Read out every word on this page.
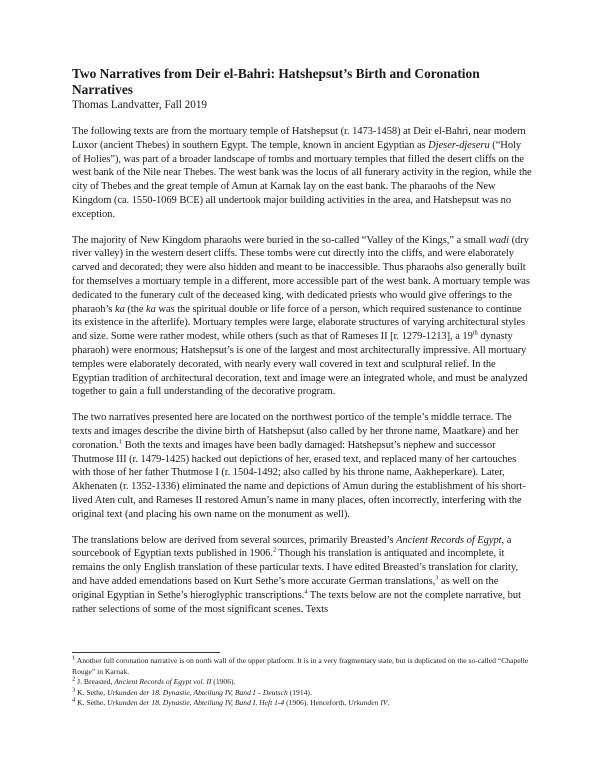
Two Narratives from Deir el-Bahri: Hatshepsut’s Birth and Coronation Narratives

Thomas Landvatter, Fall 2019

The following texts are from the mortuary temple of Hatshepsut (r. 1473-1458) at Deir el-Bahri, near modern Luxor (ancient Thebes) in southern Egypt. The temple, known in ancient Egyptian as Djeser-djeseru (“Holy of Holies”), was part of a broader landscape of tombs and mortuary temples that filled the desert cliffs on the west bank of the Nile near Thebes. The west bank was the locus of all funerary activity in the region, while the city of Thebes and the great temple of Amun at Karnak lay on the east bank. The pharaohs of the New Kingdom (ca. 1550-1069 BCE) all undertook major building activities in the area, and Hatshepsut was no exception.

The majority of New Kingdom pharaohs were buried in the so-called “Valley of the Kings,” a small wadi (dry river valley) in the western desert cliffs. These tombs were cut directly into the cliffs, and were elaborately carved and decorated; they were also hidden and meant to be inaccessible. Thus pharaohs also generally built for themselves a mortuary temple in a different, more accessible part of the west bank. A mortuary temple was dedicated to the funerary cult of the deceased king, with dedicated priests who would give offerings to the pharaoh’s ka (the ka was the spiritual double or life force of a person, which required sustenance to continue its existence in the afterlife). Mortuary temples were large, elaborate structures of varying architectural styles and size. Some were rather modest, while others (such as that of Rameses II [r. 1279-1213], a 19th dynasty pharaoh) were enormous; Hatshepsut’s is one of the largest and most architecturally impressive. All mortuary temples were elaborately decorated, with nearly every wall covered in text and sculptural relief. In the Egyptian tradition of architectural decoration, text and image were an integrated whole, and must be analyzed together to gain a full understanding of the decorative program.

The two narratives presented here are located on the northwest portico of the temple’s middle terrace. The texts and images describe the divine birth of Hatshepsut (also called by her throne name, Maatkare) and her coronation.$^1$ Both the texts and images have been badly damaged: Hatshepsut’s nephew and successor Thutmose III (r. 1479-1425) hacked out depictions of her, erased text, and replaced many of her cartouches with those of her father Thutmose I (r. 1504-1492; also called by his throne name, Aakheperkare). Later, Akhenaten (r. 1352-1336) eliminated the name and depictions of Amun during the establishment of his short-lived Aten cult, and Rameses II restored Amun’s name in many places, often incorrectly, interfering with the original text (and placing his own name on the monument as well).

The translations below are derived from several sources, primarily Breasted’s Ancient Records of Egypt, a sourcebook of Egyptian texts published in 1906.$^2$ Though his translation is antiquated and incomplete, it remains the only English translation of these particular texts. I have edited Breasted’s translation for clarity, and have added emendations based on Kurt Sethe’s more accurate German translations,$^3$ as well on the original Egyptian in Sethe’s hieroglyphic transcriptions.$^4$ The texts below are not the complete narrative, but rather selections of some of the most significant scenes. Texts

$^1$ Another full coronation narrative is on north wall of the upper platform. It is in a very fragmentary state, but is duplicated on the so-called “Chapelle Rouge” in Karnak.

$^2$ J. Breasted, Ancient Records of Egypt vol. II (1906).

$^3$ K. Sethe, Urkunden der 18. Dynastie, Abteilung IV, Band I – Deutsch (1914).

$^4$ K. Sethe, Urkunden der 18. Dynastie, Abteilung IV, Band I, Heft 1-4 (1906). Henceforth, Urkunden IV.
